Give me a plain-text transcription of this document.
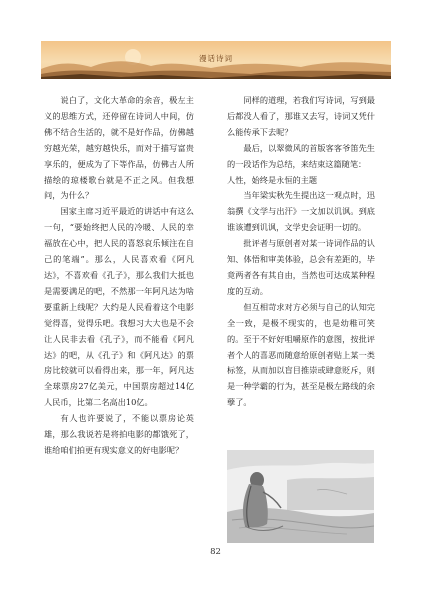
漫话诗词

说白了，文化大革命的余音，极左主义的思维方式，还停留在诗词人中间，仿佛不结合生活的，就不是好作品，仿佛越穷越光荣，越穷越快乐，而对于描写富贵享乐的，便成为了下等作品，仿佛古人所描绘的琼楼歌台就是不正之风。但我想问，为什么？

国家主席习近平最近的讲话中有这么一句，“要始终把人民的冷暖、人民的幸福放在心中，把人民的喜怒哀乐倾注在自己的笔端”。那么，人民喜欢看《阿凡达》，不喜欢看《孔子》，那么我们大抵也是需要满足的吧，不然那一年阿凡达为啥要重新上线呢？大约是人民看着这个电影觉得喜，觉得乐吧。我想习大大也是不会让人民非去看《孔子》，而不能看《阿凡达》的吧，从《孔子》和《阿凡达》的票房比较就可以看得出来，那一年，阿凡达全球票房27亿美元，中国票房超过14亿人民币，比第二名高出10亿。

有人也许要说了，不能以票房论英雄，那么我说若是将拍电影的都饿死了，谁给咱们拍更有现实意义的好电影呢？

同样的道理，若我们写诗词，写到最后都没人看了，那谁又去写，诗词又凭什么能传承下去呢？

最后，以翠微风的首版客客爷笛先生的一段话作为总结，来结束这篇随笔：

人性，始终是永恒的主题

当年梁实秋先生提出这一观点时，迅翁撰《文学与出汗》一文加以讥讽。到底谁该遭到讥讽，文学史会证明一切的。

批评者与原创者对某一诗词作品的认知、体悟和审美体验，总会有差距的，毕竟两者各有其自由，当然也可达成某种程度的互动。

但互相苛求对方必须与自己的认知完全一致，是极不现实的，也是幼稚可笑的。至于不好好咀嚼原作的意图，按批评者个人的喜恶而随意给原创者贴上某一类标签，从而加以盲目推崇或肆意贬斥，则是一种学霸的行为，甚至是极左路线的余孽了。

82
